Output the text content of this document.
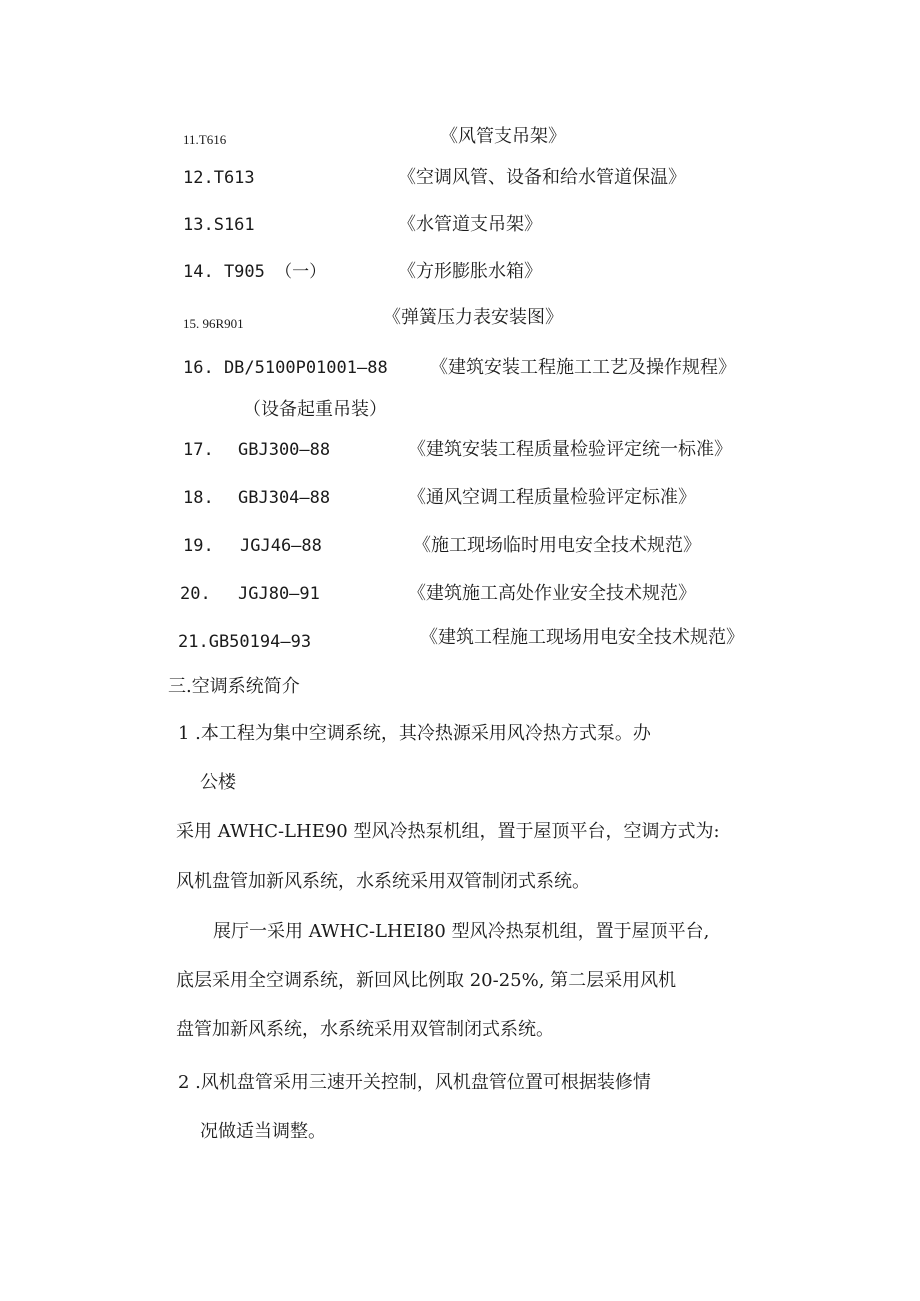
11.T616	《风管支吊架》
12.T613	《空调风管、设备和给水管道保温》
13.S161	《水管道支吊架》
14. T905 （一）	《方形膨胀水箱》
15. 96R901	《弹簧压力表安装图》
16. DB/5100P01001—88 《建筑安装工程施工工艺及操作规程》
（设备起重吊装）
17. GBJ300—88	《建筑安装工程质量检验评定统一标准》
18. GBJ304—88	《通风空调工程质量检验评定标准》
19. JGJ46—88	《施工现场临时用电安全技术规范》
20. JGJ80—91	《建筑施工高处作业安全技术规范》
21.GB50194—93	《建筑工程施工现场用电安全技术规范》
三.空调系统简介
1 .本工程为集中空调系统，其冷热源采用风冷热方式泵。办
公楼
采用 AWHC-LHE90 型风冷热泵机组，置于屋顶平台，空调方式为:
风机盘管加新风系统，水系统采用双管制闭式系统。
展厅一采用 AWHC-LHEI80 型风冷热泵机组，置于屋顶平台,
底层采用全空调系统，新回风比例取 20-25%, 第二层采用风机
盘管加新风系统，水系统采用双管制闭式系统。
2 .风机盘管采用三速开关控制，风机盘管位置可根据装修情
况做适当调整。
